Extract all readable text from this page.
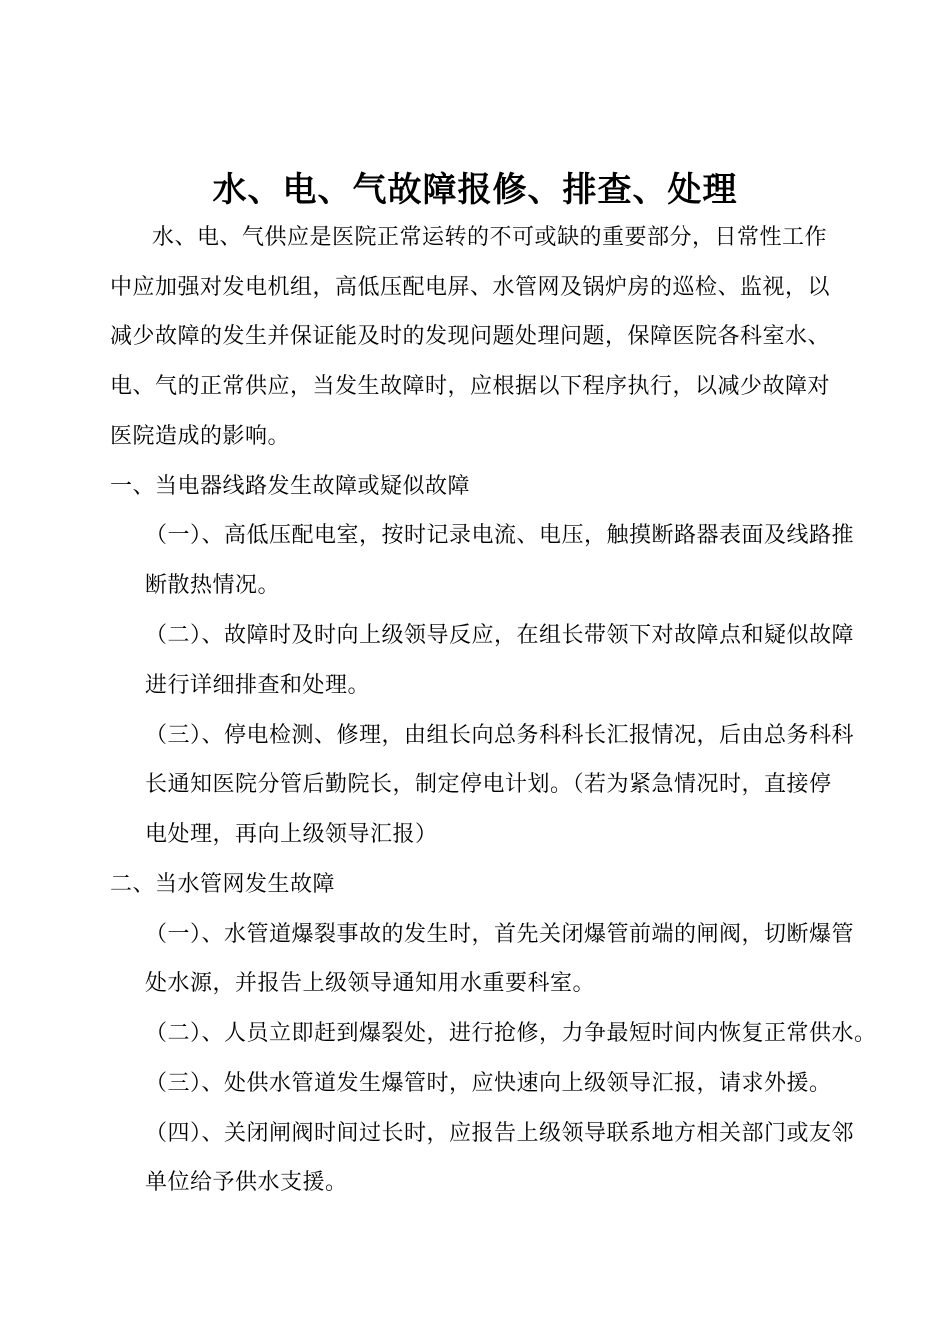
水、电、气故障报修、排查、处理
水、电、气供应是医院正常运转的不可或缺的重要部分，日常性工作
中应加强对发电机组，高低压配电屏、水管网及锅炉房的巡检、监视，以
减少故障的发生并保证能及时的发现问题处理问题，保障医院各科室水、
电、气的正常供应，当发生故障时，应根据以下程序执行，以减少故障对
医院造成的影响。
一、当电器线路发生故障或疑似故障
（一）、高低压配电室，按时记录电流、电压，触摸断路器表面及线路推
断散热情况。
（二）、故障时及时向上级领导反应，在组长带领下对故障点和疑似故障
进行详细排查和处理。
（三）、停电检测、修理，由组长向总务科科长汇报情况，后由总务科科
长通知医院分管后勤院长，制定停电计划。（若为紧急情况时，直接停
电处理，再向上级领导汇报）
二、当水管网发生故障
（一）、水管道爆裂事故的发生时，首先关闭爆管前端的闸阀，切断爆管
处水源，并报告上级领导通知用水重要科室。
（二）、人员立即赶到爆裂处，进行抢修，力争最短时间内恢复正常供水。
（三）、处供水管道发生爆管时，应快速向上级领导汇报，请求外援。
（四）、关闭闸阀时间过长时，应报告上级领导联系地方相关部门或友邻
单位给予供水支援。
